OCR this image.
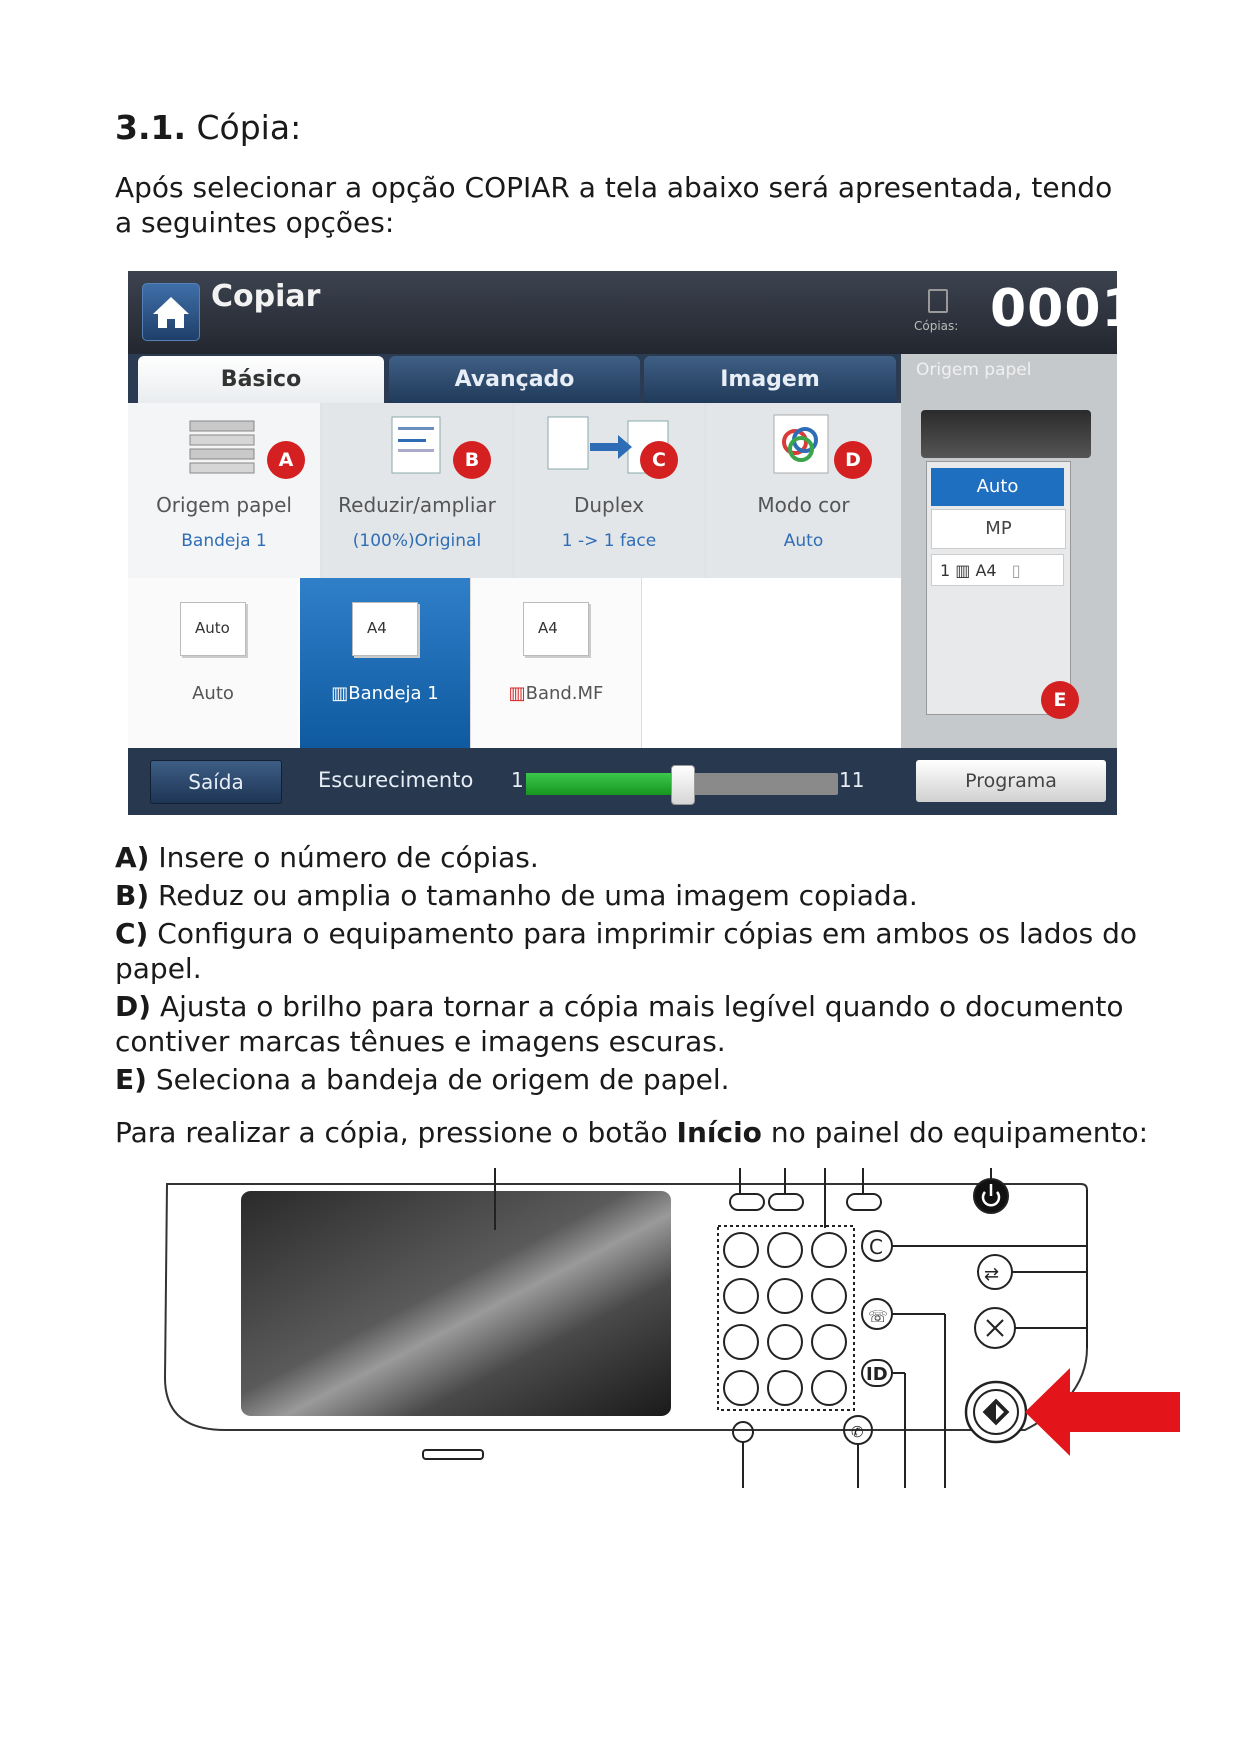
3.1. Cópia:
Após selecionar a opção COPIAR a tela abaixo será apresentada, tendo a seguintes opções:
Copiar
Cópias: 0001
Básico	Avançado	Imagem
Origem papel
Bandeja 1
Reduzir/ampliar
(100%)Original
Duplex
1 -> 1 face
Modo cor
Auto
A	B	C	D
Auto
Auto
A4
▥Bandeja 1
A4
▥Band.MF
Origem papel
Auto
MP
1 ▥ A4 ▯
E
Saída	Escurecimento 1	11	Programa

A) Insere o número de cópias.

B) Reduz ou amplia o tamanho de uma imagem copiada.

C) Configura o equipamento para imprimir cópias em ambos os lados do papel.

D) Ajusta o brilho para tornar a cópia mais legível quando o documento contiver marcas tênues e imagens escuras.

E) Seleciona a bandeja de origem de papel.

Para realizar a cópia, pressione o botão Início no painel do equipamento:
C
☏
ID
✆
⇄
